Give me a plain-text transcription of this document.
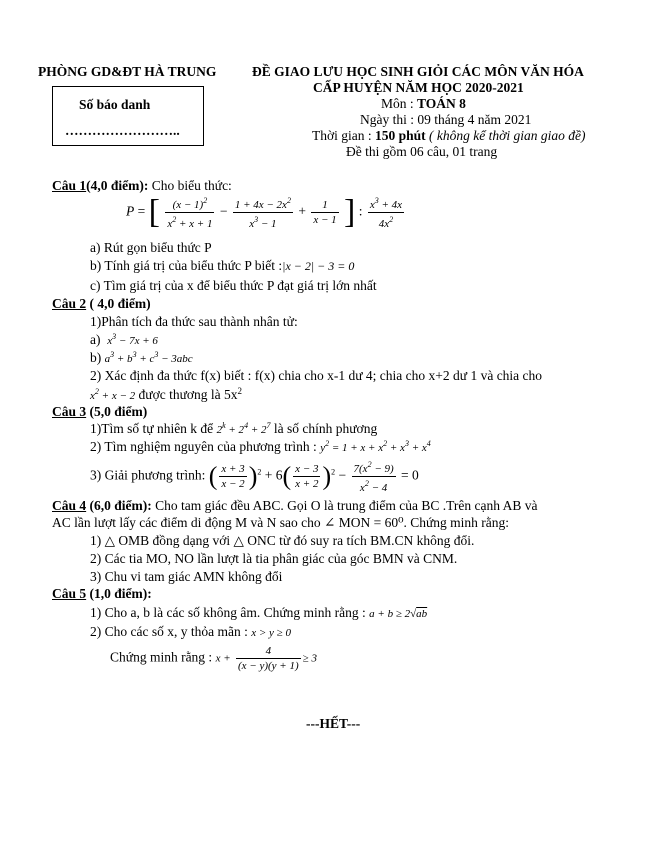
PHÒNG GD&ĐT HÀ TRUNG	ĐỀ GIAO LƯU HỌC SINH GIỎI CÁC MÔN VĂN HÓA
CẤP HUYỆN NĂM HỌC 2020-2021
Môn : TOÁN 8
Ngày thi : 09 tháng 4 năm 2021
Thời gian : 150 phút ( không kể thời gian giao đề)
Đề thi gồm 06 câu, 01 trang
Số báo danh
……………………..
Câu 1(4,0 điểm): Cho biểu thức:
P = [ $\frac{(x - 1)^2}{x^2 + x + 1} - \frac{1 + 4x - 2x^2}{x^3 - 1} + \frac{1}{x - 1}$ ] : $\frac{x^3 + 4x}{4x^2}$
a) Rút gọn biểu thức P
b) Tính giá trị của biểu thức P biết :|x − 2| − 3 = 0
c) Tìm giá trị của x để biểu thức P đạt giá trị lớn nhất
Câu 2 ( 4,0 điểm)
1)Phân tích đa thức sau thành nhân tử:
a) $x^3 - 7x + 6$
b) $a^3 + b^3 + c^3 - 3abc$
2) Xác định đa thức f(x) biết : f(x) chia cho x-1 dư 4; chia cho x+2 dư 1 và chia cho
$x^2 + x - 2$ được thương là $5x^2$
Câu 3 (5,0 điểm)
1)Tìm số tự nhiên k để $2^k + 2^4 + 2^7$ là số chính phương
2) Tìm nghiệm nguyên của phương trình : $y^2 = 1 + x + x^2 + x^3 + x^4$
3) Giải phương trình: ( $\frac{x + 3}{x - 2} )^2 + 6( \frac{x - 3}{x + 2} )^2 - \frac{7(x^2 - 9)}{x^2 - 4} = 0$
Câu 4 (6,0 điểm): Cho tam giác đều ABC. Gọi O là trung điểm của BC .Trên cạnh AB và
AC lần lượt lấy các điểm di động M và N sao cho ∠ MON = 60⁰. Chứng minh rằng:
1) △ OMB đồng dạng với △ ONC từ đó suy ra tích BM.CN không đổi.
2) Các tia MO, NO lần lượt là tia phân giác của góc BMN và CNM.
3) Chu vi tam giác AMN không đổi
Câu 5 (1,0 điểm):
1) Cho a, b là các số không âm. Chứng minh rằng : a + b ≥ 2√ab
2) Cho các số x, y thỏa mãn : x > y ≥ 0
Chứng minh rằng : $x + \frac{4}{(x - y)(y + 1)} \ge 3$
---HẾT---
